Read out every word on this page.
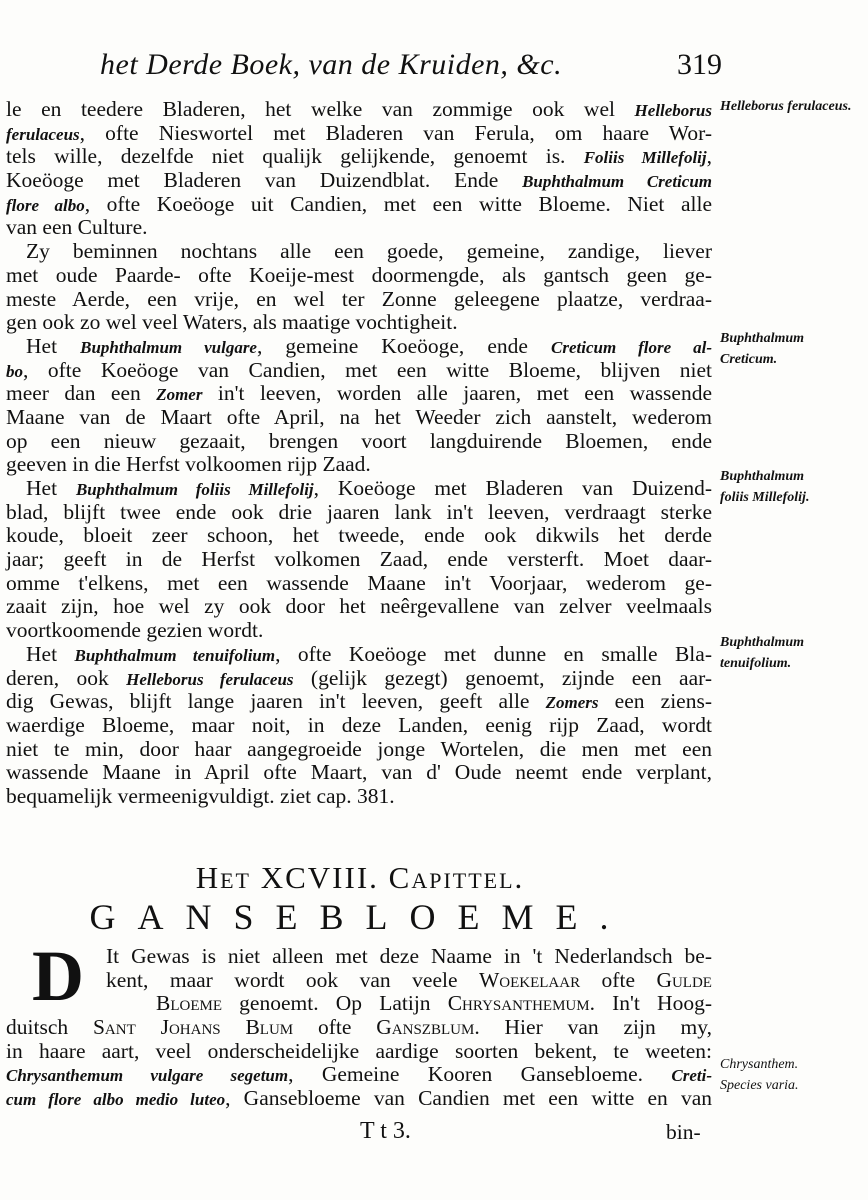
het Derde Boek, van de Kruiden, &c.	319
le en teedere Bladeren, het welke van zommige ook wel Helleborus
ferulaceus, ofte Nieswortel met Bladeren van Ferula, om haare Wor-
tels wille, dezelfde niet qualijk gelijkende, genoemt is. Foliis Millefolij,
Koeöoge met Bladeren van Duizendblat. Ende Buphthalmum Creticum
flore albo, ofte Koeöoge uit Candien, met een witte Bloeme. Niet alle
van een Culture.
Zy beminnen nochtans alle een goede, gemeine, zandige, liever
met oude Paarde- ofte Koeije-mest doormengde, als gantsch geen ge-
meste Aerde, een vrije, en wel ter Zonne geleegene plaatze, verdraa-
gen ook zo wel veel Waters, als maatige vochtigheit.
Het Buphthalmum vulgare, gemeine Koeöoge, ende Creticum flore al-
bo, ofte Koeöoge van Candien, met een witte Bloeme, blijven niet
meer dan een Zomer in't leeven, worden alle jaaren, met een wassende
Maane van de Maart ofte April, na het Weeder zich aanstelt, wederom
op een nieuw gezaait, brengen voort langduirende Bloemen, ende
geeven in die Herfst volkoomen rijp Zaad.
Het Buphthalmum foliis Millefolij, Koeöoge met Bladeren van Duizend-
blad, blijft twee ende ook drie jaaren lank in't leeven, verdraagt sterke
koude, bloeit zeer schoon, het tweede, ende ook dikwils het derde
jaar; geeft in de Herfst volkomen Zaad, ende versterft. Moet daar-
omme t'elkens, met een wassende Maane in't Voorjaar, wederom ge-
zaait zijn, hoe wel zy ook door het neêrgevallene van zelver veelmaals
voortkoomende gezien wordt.
Het Buphthalmum tenuifolium, ofte Koeöoge met dunne en smalle Bla-
deren, ook Helleborus ferulaceus (gelijk gezegt) genoemt, zijnde een aar-
dig Gewas, blijft lange jaaren in't leeven, geeft alle Zomers een ziens-
waerdige Bloeme, maar noit, in deze Landen, eenig rijp Zaad, wordt
niet te min, door haar aangegroeide jonge Wortelen, die men met een
wassende Maane in April ofte Maart, van d' Oude neemt ende verplant,
bequamelijk vermeenigvuldigt. ziet cap. 381.
Helleborus ferulaceus.
Buphthalmum Creticum.
Buphthalmum foliis Millefolij.
Buphthalmum tenuifolium.
Chrysanthem. Species varia.
Het XCVIII. Capittel.
GANSEBLOEME.
D	It Gewas is niet alleen met deze Naame in 't Nederlandsch be-
kent, maar wordt ook van veele Woekelaar ofte Gulde
Bloeme genoemt. Op Latijn Chrysanthemum. In't Hoog-
duitsch Sant Johans Blum ofte Ganszblum. Hier van zijn my,
in haare aart, veel onderscheidelijke aardige soorten bekent, te weeten:
Chrysanthemum vulgare segetum, Gemeine Kooren Gansebloeme. Creti-
cum flore albo medio luteo, Gansebloeme van Candien met een witte en van
T t 3.	bin-
